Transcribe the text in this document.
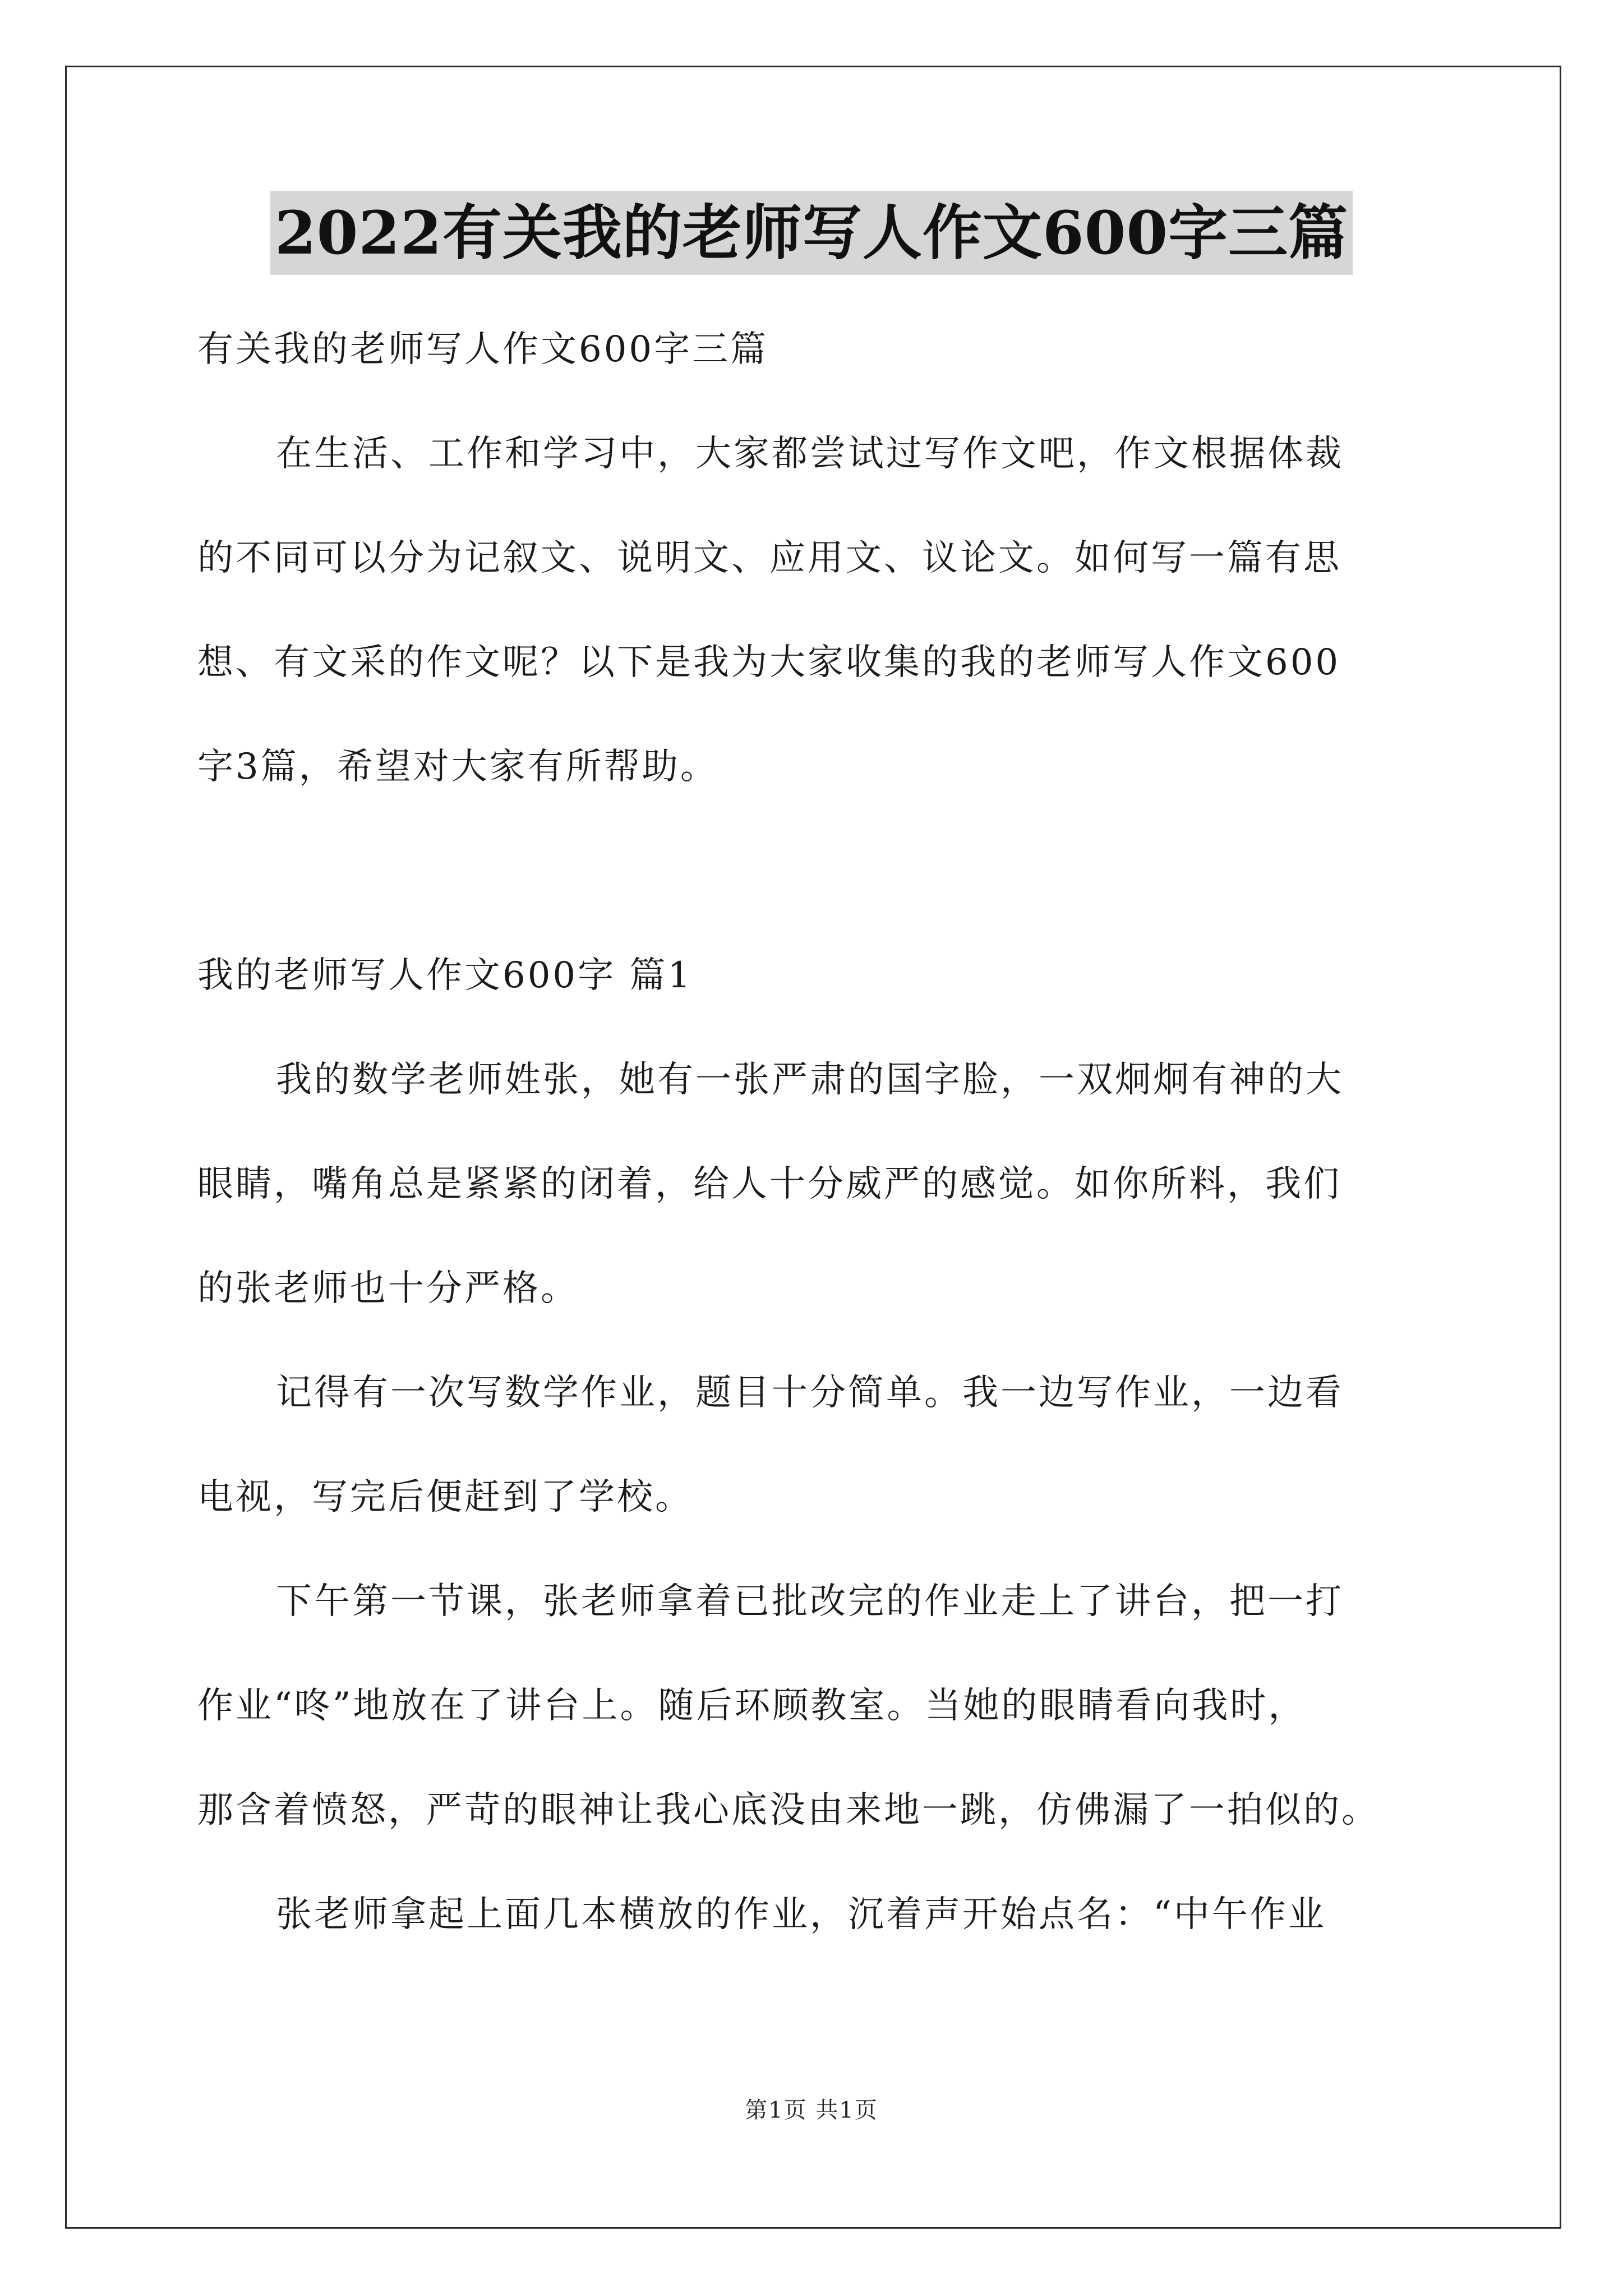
2022有关我的老师写人作文600字三篇

有关我的老师写人作文600字三篇

在生活、工作和学习中，大家都尝试过写作文吧，作文根据体裁

的不同可以分为记叙文、说明文、应用文、议论文。如何写一篇有思

想、有文采的作文呢？以下是我为大家收集的我的老师写人作文600

字3篇，希望对大家有所帮助。

我的老师写人作文600字 篇1

我的数学老师姓张，她有一张严肃的国字脸，一双炯炯有神的大

眼睛，嘴角总是紧紧的闭着，给人十分威严的感觉。如你所料，我们

的张老师也十分严格。

记得有一次写数学作业，题目十分简单。我一边写作业，一边看

电视，写完后便赶到了学校。

下午第一节课，张老师拿着已批改完的作业走上了讲台，把一打

作业“咚”地放在了讲台上。随后环顾教室。当她的眼睛看向我时，

那含着愤怒，严苛的眼神让我心底没由来地一跳，仿佛漏了一拍似的。

张老师拿起上面几本横放的作业，沉着声开始点名：“中午作业

第1页 共1页
